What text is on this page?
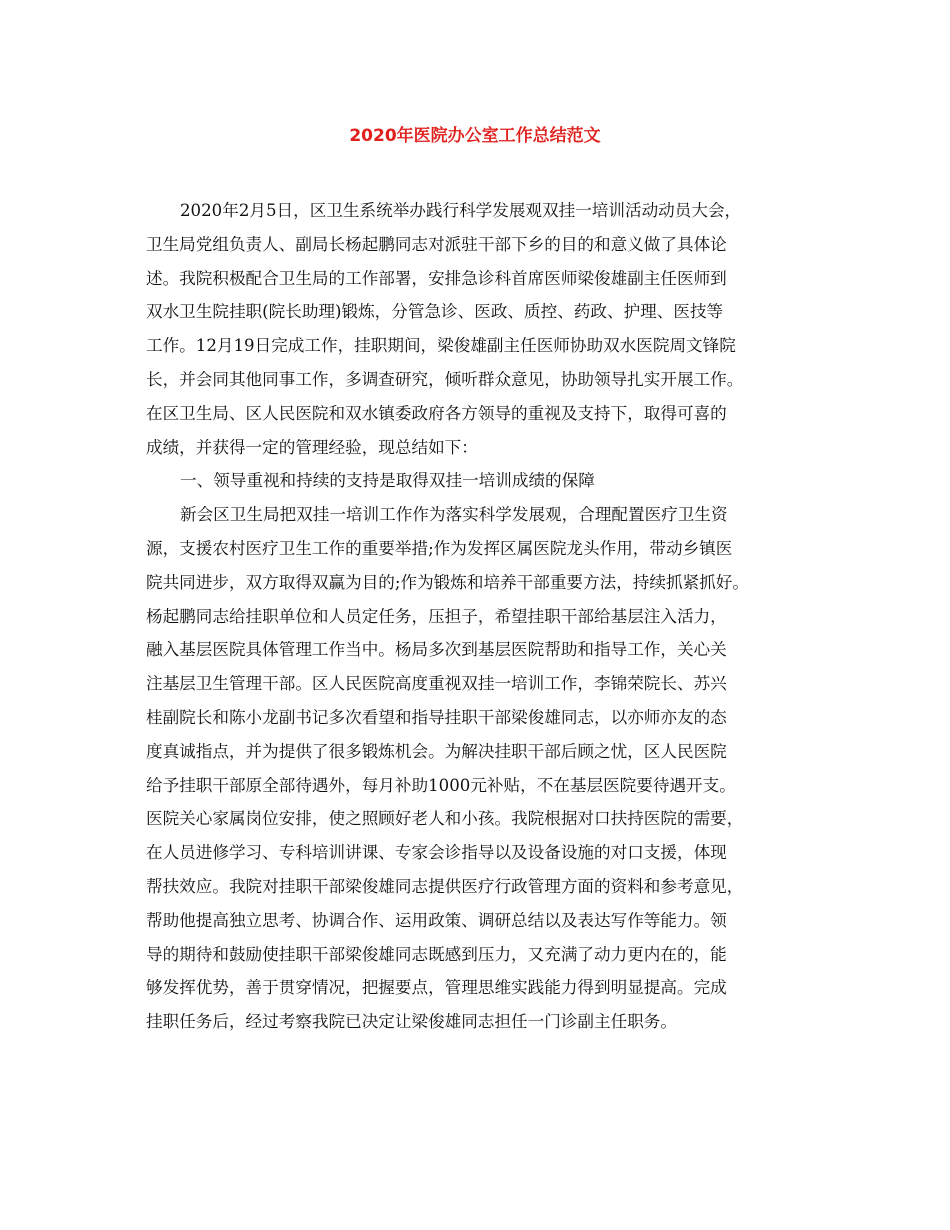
2020年医院办公室工作总结范文
2020年2月5日，区卫生系统举办践行科学发展观双挂一培训活动动员大会，
卫生局党组负责人、副局长杨起鹏同志对派驻干部下乡的目的和意义做了具体论
述。我院积极配合卫生局的工作部署，安排急诊科首席医师梁俊雄副主任医师到
双水卫生院挂职(院长助理)锻炼，分管急诊、医政、质控、药政、护理、医技等
工作。12月19日完成工作，挂职期间，梁俊雄副主任医师协助双水医院周文锋院
长，并会同其他同事工作，多调查研究，倾听群众意见，协助领导扎实开展工作。
在区卫生局、区人民医院和双水镇委政府各方领导的重视及支持下，取得可喜的
成绩，并获得一定的管理经验，现总结如下：
一、领导重视和持续的支持是取得双挂一培训成绩的保障
新会区卫生局把双挂一培训工作作为落实科学发展观，合理配置医疗卫生资
源，支援农村医疗卫生工作的重要举措;作为发挥区属医院龙头作用，带动乡镇医
院共同进步，双方取得双赢为目的;作为锻炼和培养干部重要方法，持续抓紧抓好。
杨起鹏同志给挂职单位和人员定任务，压担子，希望挂职干部给基层注入活力，
融入基层医院具体管理工作当中。杨局多次到基层医院帮助和指导工作，关心关
注基层卫生管理干部。区人民医院高度重视双挂一培训工作，李锦荣院长、苏兴
桂副院长和陈小龙副书记多次看望和指导挂职干部梁俊雄同志，以亦师亦友的态
度真诚指点，并为提供了很多锻炼机会。为解决挂职干部后顾之忧，区人民医院
给予挂职干部原全部待遇外，每月补助1000元补贴，不在基层医院要待遇开支。
医院关心家属岗位安排，使之照顾好老人和小孩。我院根据对口扶持医院的需要，
在人员进修学习、专科培训讲课、专家会诊指导以及设备设施的对口支援，体现
帮扶效应。我院对挂职干部梁俊雄同志提供医疗行政管理方面的资料和参考意见，
帮助他提高独立思考、协调合作、运用政策、调研总结以及表达写作等能力。领
导的期待和鼓励使挂职干部梁俊雄同志既感到压力，又充满了动力更内在的，能
够发挥优势，善于贯穿情况，把握要点，管理思维实践能力得到明显提高。完成
挂职任务后，经过考察我院已决定让梁俊雄同志担任一门诊副主任职务。
